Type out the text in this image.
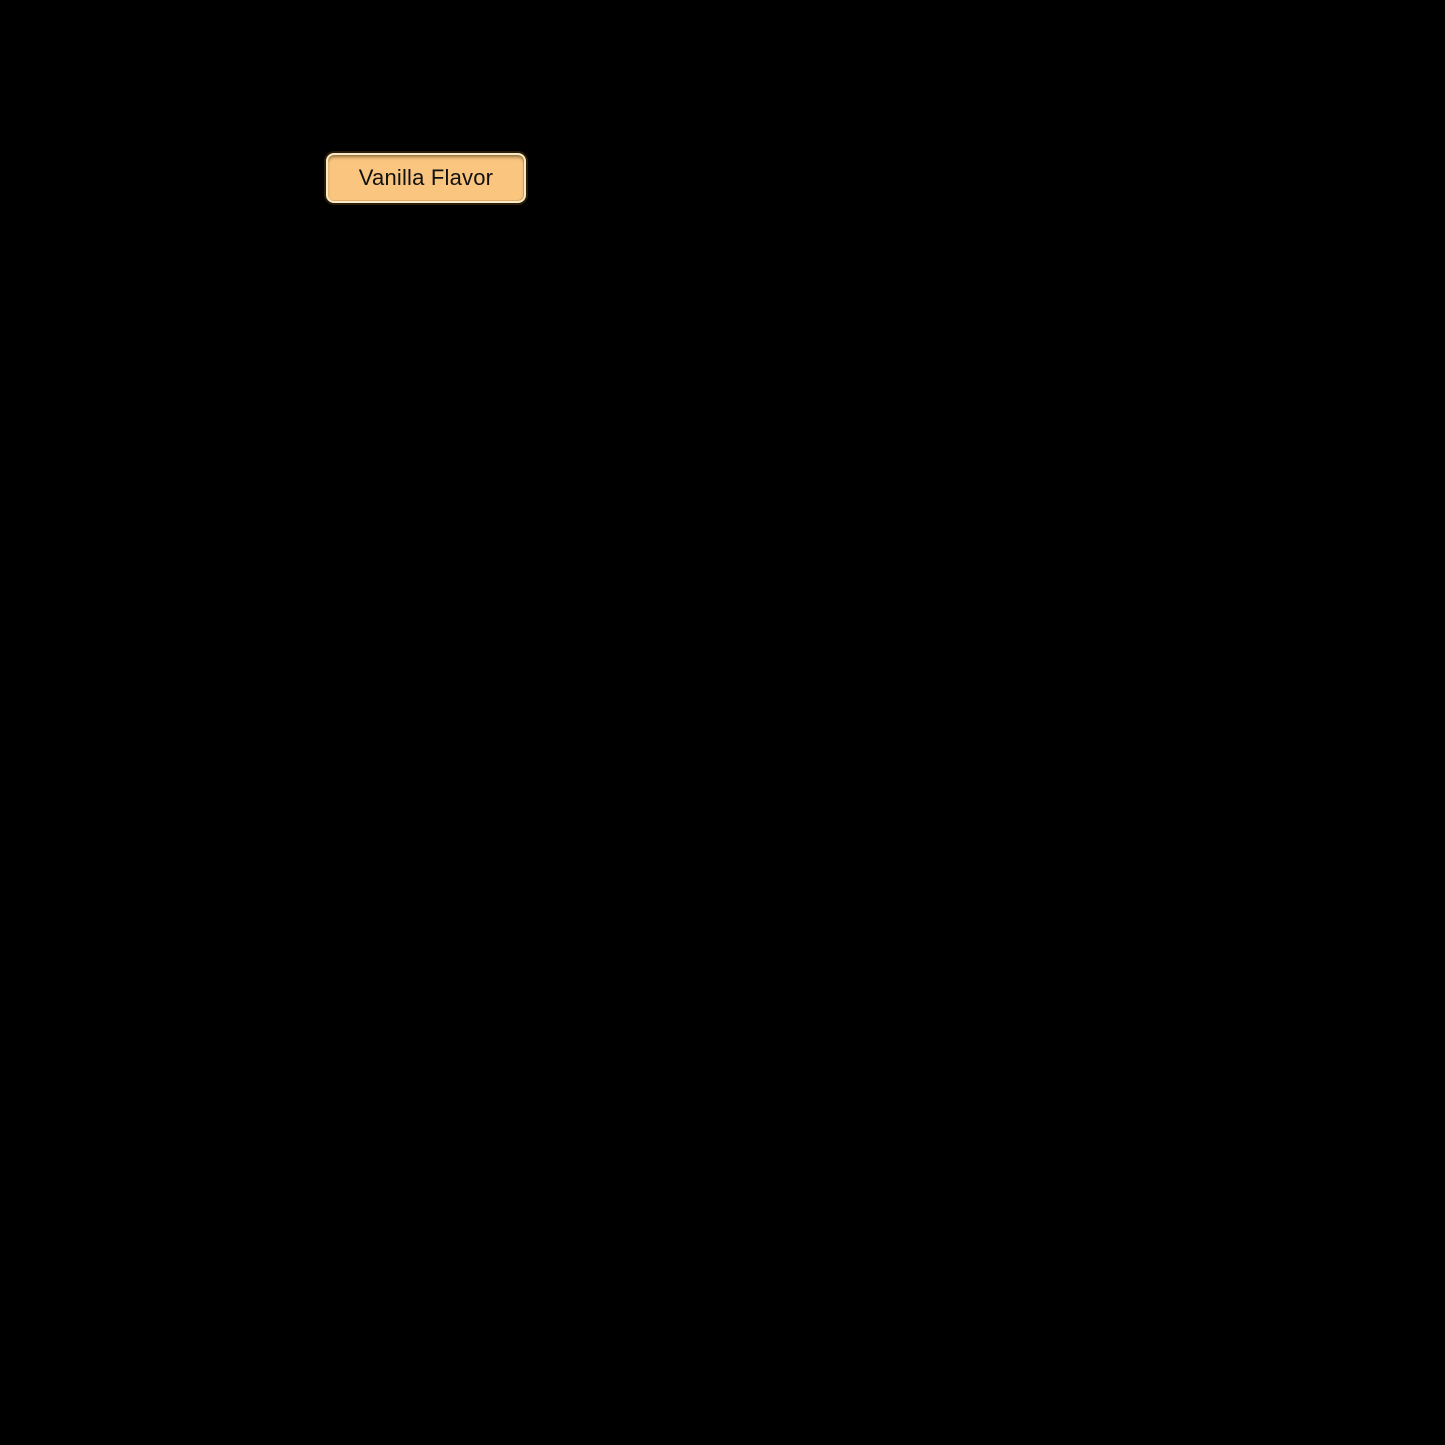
Vanilla Flavor
